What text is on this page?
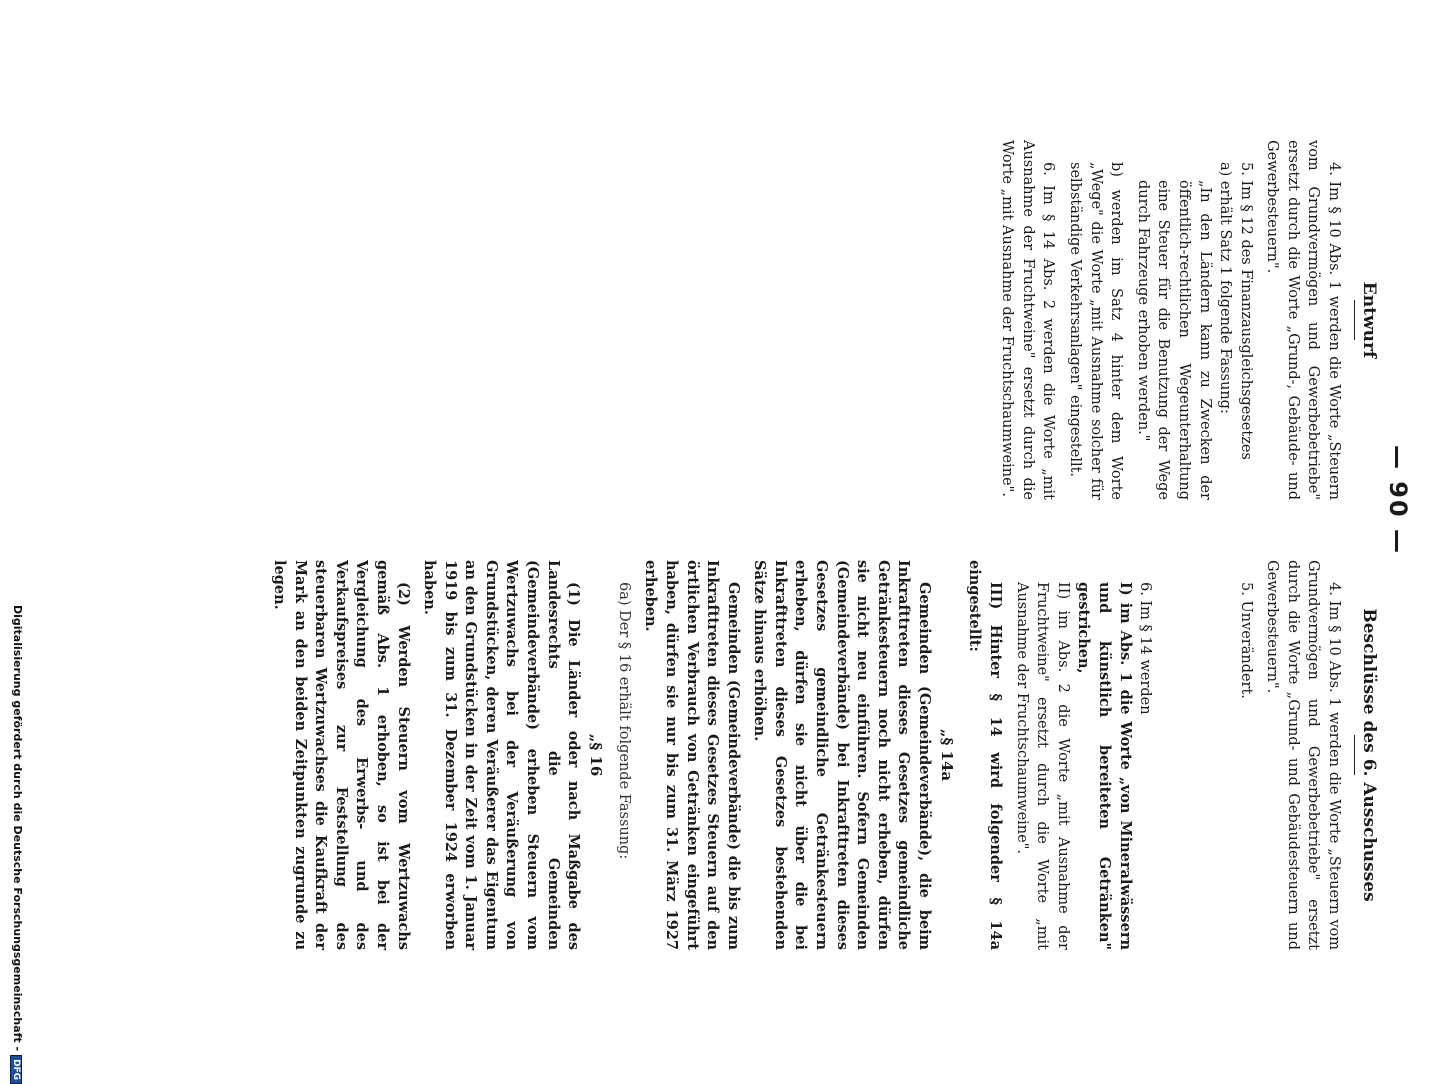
— 90 —
Entwurf
4. Im § 10 Abs. 1 werden die Worte „Steuern vom Grundvermögen und Gewerbebetriebe" ersetzt durch die Worte „Grund-, Gebäude- und Gewerbesteuern".
5. Im § 12 des Finanzausgleichsgesetzes
a) erhält Satz 1 folgende Fassung:
„In den Ländern kann zu Zwecken der öffentlich-rechtlichen Wegeunterhaltung eine Steuer für die Benutzung der Wege durch Fahrzeuge erhoben werden."
b) werden im Satz 4 hinter dem Worte „Wege" die Worte „mit Ausnahme solcher für selbständige Verkehrsanlagen" eingestellt.
6. Im § 14 Abs. 2 werden die Worte „mit Ausnahme der Fruchtweine" ersetzt durch die Worte „mit Ausnahme der Fruchtschaumweine".
Beschlüsse des 6. Ausschusses
4. Im § 10 Abs. 1 werden die Worte „Steuern vom Grundvermögen und Gewerbebetriebe" ersetzt durch die Worte „Grund- und Gebäudesteuern und Gewerbesteuern".
5. Unverändert.
6. Im § 14 werden
I) im Abs. 1 die Worte „von Mineralwässern und künstlich bereiteten Getränken" gestrichen,
II) im Abs. 2 die Worte „mit Ausnahme der Fruchtweine" ersetzt durch die Worte „mit Ausnahme der Fruchtschaumweine".
III) Hinter § 14 wird folgender § 14a eingestellt:
„§ 14a
Gemeinden (Gemeindeverbände), die beim Inkrafttreten dieses Gesetzes gemeindliche Getränkesteuern noch nicht erheben, dürfen sie nicht neu einführen. Sofern Gemeinden (Gemeindeverbände) bei Inkrafttreten dieses Gesetzes gemeindliche Getränkesteuern erheben, dürfen sie nicht über die bei Inkrafttreten dieses Gesetzes bestehenden Sätze hinaus erhöhen.
Gemeinden (Gemeindeverbände) die bis zum Inkrafttreten dieses Gesetzes Steuern auf den örtlichen Verbrauch von Getränken eingeführt haben, dürfen sie nur bis zum 31. März 1927 erheben.
6a) Der § 16 erhält folgende Fassung:
„§ 16
(1) Die Länder oder nach Maßgabe des Landesrechts die Gemeinden (Gemeindeverbände) erheben Steuern vom Wertzuwachs bei der Veräußerung von Grundstücken, deren Veräußerer das Eigentum an den Grundstücken in der Zeit vom 1. Januar 1919 bis zum 31. Dezember 1924 erworben haben.
(2) Werden Steuern vom Wertzuwachs gemäß Abs. 1 erhoben, so ist bei der Vergleichung des Erwerbs- und des Verkaufspreises zur Feststellung des steuerbaren Wertzuwachses die Kaufkraft der Mark an den beiden Zeitpunkten zugrunde zu legen.
Digitalisierung gefördert durch die Deutsche Forschungsgemeinschaft -DFG
